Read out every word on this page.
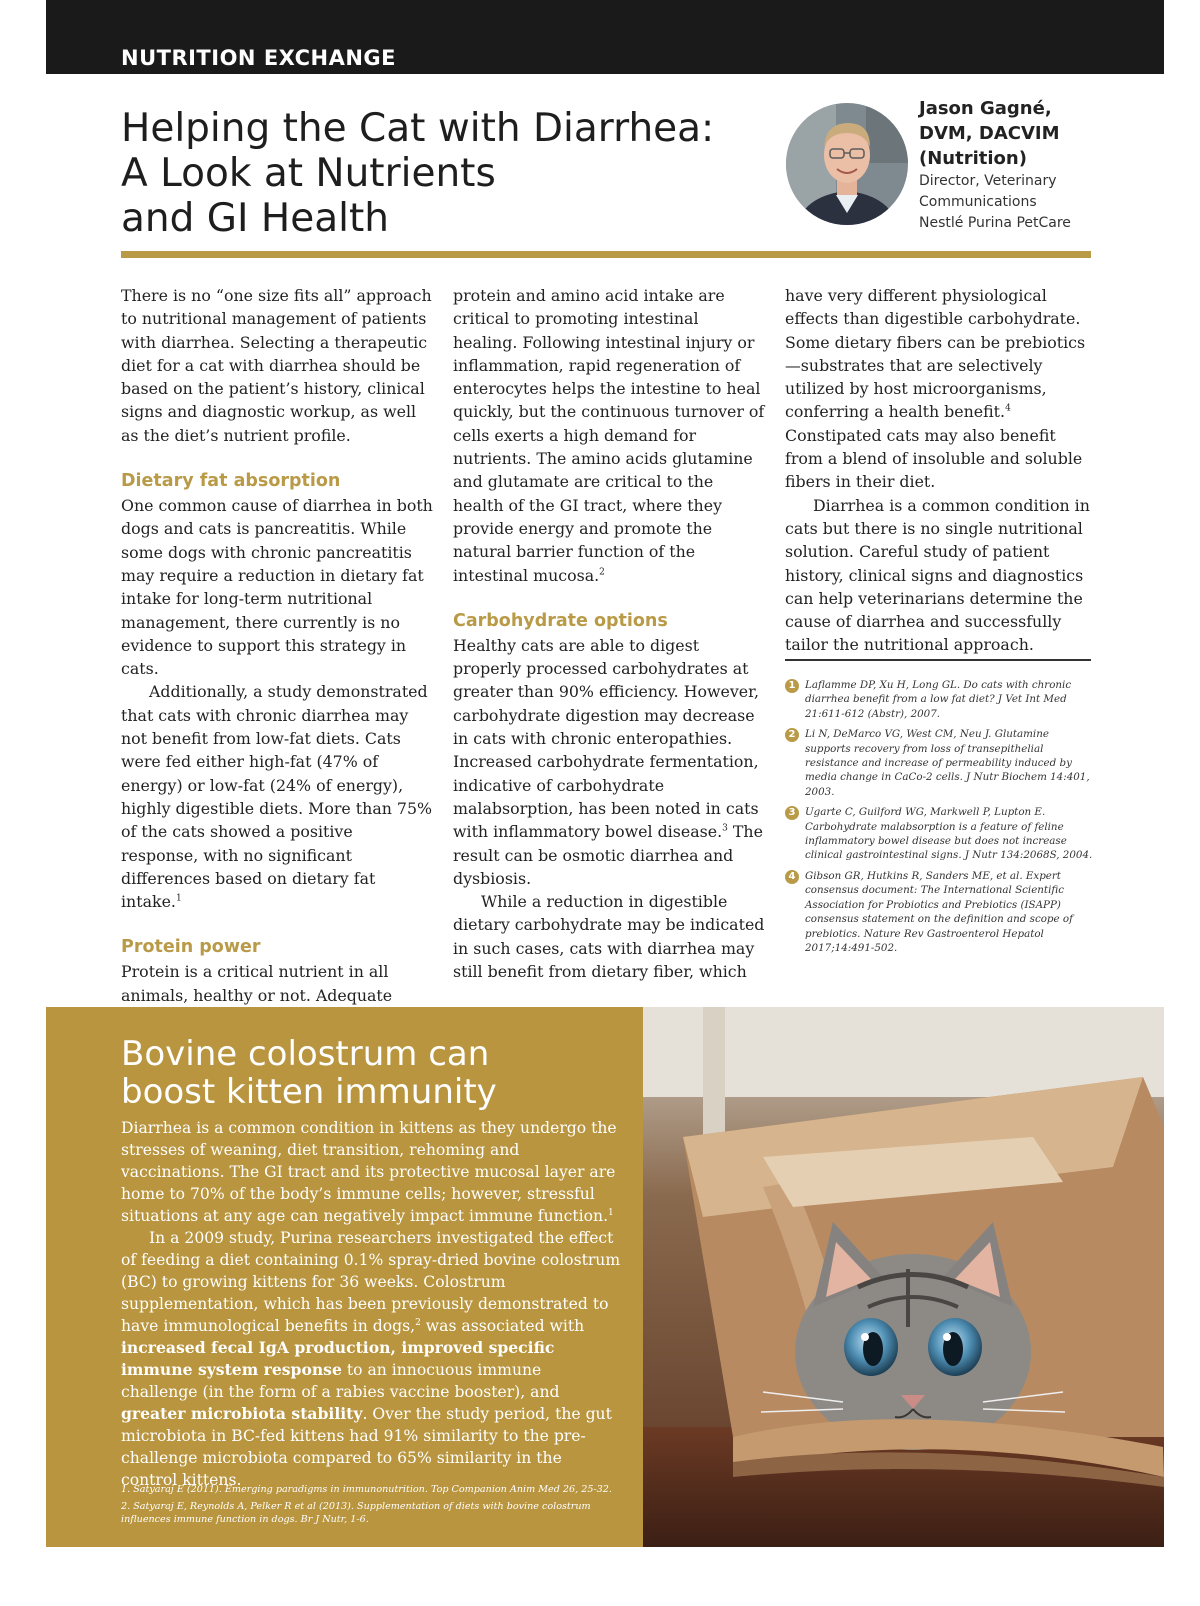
NUTRITION EXCHANGE
Helping the Cat with Diarrhea:
A Look at Nutrients
and GI Health
Jason Gagné,
DVM, DACVIM
(Nutrition)
Director, Veterinary
Communications
Nestlé Purina PetCare

There is no “one size fits all” approach to nutritional management of patients with diarrhea. Selecting a therapeutic diet for a cat with diarrhea should be based on the patient’s history, clinical signs and diagnostic workup, as well as the diet’s nutrient profile.

Dietary fat absorption

One common cause of diarrhea in both dogs and cats is pancreatitis. While some dogs with chronic pancreatitis may require a reduction in dietary fat intake for long-term nutritional management, there currently is no evidence to support this strategy in cats.

Additionally, a study demonstrated that cats with chronic diarrhea may not benefit from low-fat diets. Cats were fed either high-fat (47% of energy) or low-fat (24% of energy), highly digestible diets. More than 75% of the cats showed a positive response, with no significant differences based on dietary fat intake.$^1$

Protein power

Protein is a critical nutrient in all animals, healthy or not. Adequate

protein and amino acid intake are critical to promoting intestinal healing. Following intestinal injury or inflammation, rapid regeneration of enterocytes helps the intestine to heal quickly, but the continuous turnover of cells exerts a high demand for nutrients. The amino acids glutamine and glutamate are critical to the health of the GI tract, where they provide energy and promote the natural barrier function of the intestinal mucosa.$^2$

Carbohydrate options

Healthy cats are able to digest properly processed carbohydrates at greater than 90% efficiency. However, carbohydrate digestion may decrease in cats with chronic enteropathies. Increased carbohydrate fermentation, indicative of carbohydrate malabsorption, has been noted in cats with inflammatory bowel disease.$^3$ The result can be osmotic diarrhea and dysbiosis.

While a reduction in digestible dietary carbohydrate may be indicated in such cases, cats with diarrhea may still benefit from dietary fiber, which

have very different physiological effects than digestible carbohydrate. Some dietary fibers can be prebiotics—substrates that are selectively utilized by host microorganisms, conferring a health benefit.$^4$ Constipated cats may also benefit from a blend of insoluble and soluble fibers in their diet.

Diarrhea is a common condition in cats but there is no single nutritional solution. Careful study of patient history, clinical signs and diagnostics can help veterinarians determine the cause of diarrhea and successfully tailor the nutritional approach.

1 Laflamme DP, Xu H, Long GL. Do cats with chronic diarrhea benefit from a low fat diet? J Vet Int Med 21:611-612 (Abstr), 2007.
2 Li N, DeMarco VG, West CM, Neu J. Glutamine supports recovery from loss of transepithelial resistance and increase of permeability induced by media change in CaCo-2 cells. J Nutr Biochem 14:401, 2003.
3 Ugarte C, Guilford WG, Markwell P, Lupton E. Carbohydrate malabsorption is a feature of feline inflammatory bowel disease but does not increase clinical gastrointestinal signs. J Nutr 134:2068S, 2004.
4 Gibson GR, Hutkins R, Sanders ME, et al. Expert consensus document: The International Scientific Association for Probiotics and Prebiotics (ISAPP) consensus statement on the definition and scope of prebiotics. Nature Rev Gastroenterol Hepatol 2017;14:491-502.
Bovine colostrum can
boost kitten immunity

Diarrhea is a common condition in kittens as they undergo the stresses of weaning, diet transition, rehoming and vaccinations. The GI tract and its protective mucosal layer are home to 70% of the body’s immune cells; however, stressful situations at any age can negatively impact immune function.$^1$

In a 2009 study, Purina researchers investigated the effect of feeding a diet containing 0.1% spray-dried bovine colostrum (BC) to growing kittens for 36 weeks. Colostrum supplementation, which has been previously demonstrated to have immunological benefits in dogs,$^2$ was associated with increased fecal IgA production, improved specific immune system response to an innocuous immune challenge (in the form of a rabies vaccine booster), and greater microbiota stability. Over the study period, the gut microbiota in BC-fed kittens had 91% similarity to the pre-challenge microbiota compared to 65% similarity in the control kittens.

1. Satyaraj E (2011). Emerging paradigms in immunonutrition. Top Companion Anim Med 26, 25-32.
2. Satyaraj E, Reynolds A, Pelker R et al (2013). Supplementation of diets with bovine colostrum influences immune function in dogs. Br J Nutr, 1-6.
